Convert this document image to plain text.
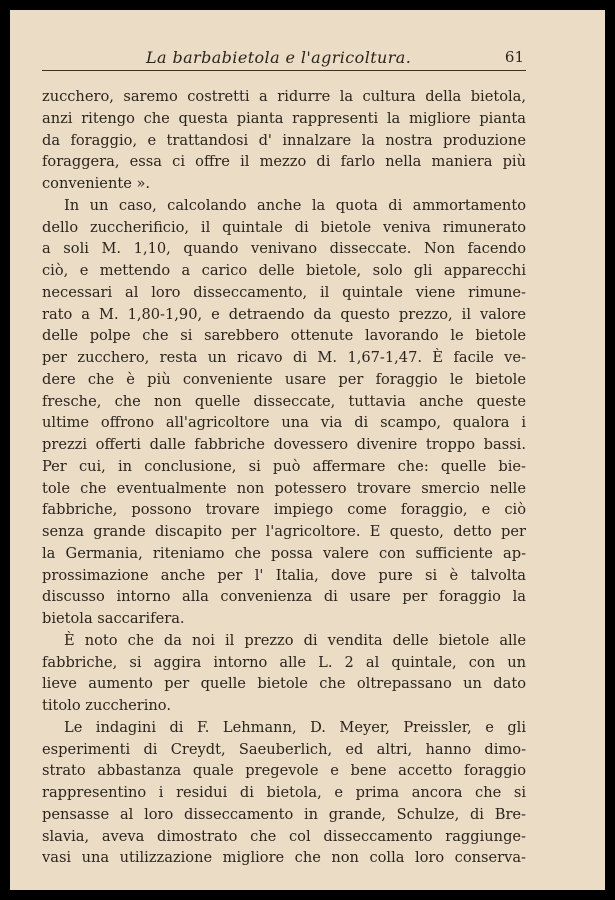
La barbabietola e l'agricoltura.	61
zucchero, saremo costretti a ridurre la cultura della bietola,
anzi ritengo che questa pianta rappresenti la migliore pianta
da foraggio, e trattandosi d' innalzare la nostra produzione
foraggera, essa ci offre il mezzo di farlo nella maniera più
conveniente ».
In un caso, calcolando anche la quota di ammortamento
dello zuccherificio, il quintale di bietole veniva rimunerato
a soli M. 1,10, quando venivano disseccate. Non facendo
ciò, e mettendo a carico delle bietole, solo gli apparecchi
necessari al loro disseccamento, il quintale viene rimune-
rato a M. 1,80-1,90, e detraendo da questo prezzo, il valore
delle polpe che si sarebbero ottenute lavorando le bietole
per zucchero, resta un ricavo di M. 1,67-1,47. È facile ve-
dere che è più conveniente usare per foraggio le bietole
fresche, che non quelle disseccate, tuttavia anche queste
ultime offrono all'agricoltore una via di scampo, qualora i
prezzi offerti dalle fabbriche dovessero divenire troppo bassi.
Per cui, in conclusione, si può affermare che: quelle bie-
tole che eventualmente non potessero trovare smercio nelle
fabbriche, possono trovare impiego come foraggio, e ciò
senza grande discapito per l'agricoltore. E questo, detto per
la Germania, riteniamo che possa valere con sufficiente ap-
prossimazione anche per l' Italia, dove pure si è talvolta
discusso intorno alla convenienza di usare per foraggio la
bietola saccarifera.
È noto che da noi il prezzo di vendita delle bietole alle
fabbriche, si aggira intorno alle L. 2 al quintale, con un
lieve aumento per quelle bietole che oltrepassano un dato
titolo zuccherino.
Le indagini di F. Lehmann, D. Meyer, Preissler, e gli
esperimenti di Creydt, Saeuberlich, ed altri, hanno dimo-
strato abbastanza quale pregevole e bene accetto foraggio
rappresentino i residui di bietola, e prima ancora che si
pensasse al loro disseccamento in grande, Schulze, di Bre-
slavia, aveva dimostrato che col disseccamento raggiunge-
vasi una utilizzazione migliore che non colla loro conserva-
